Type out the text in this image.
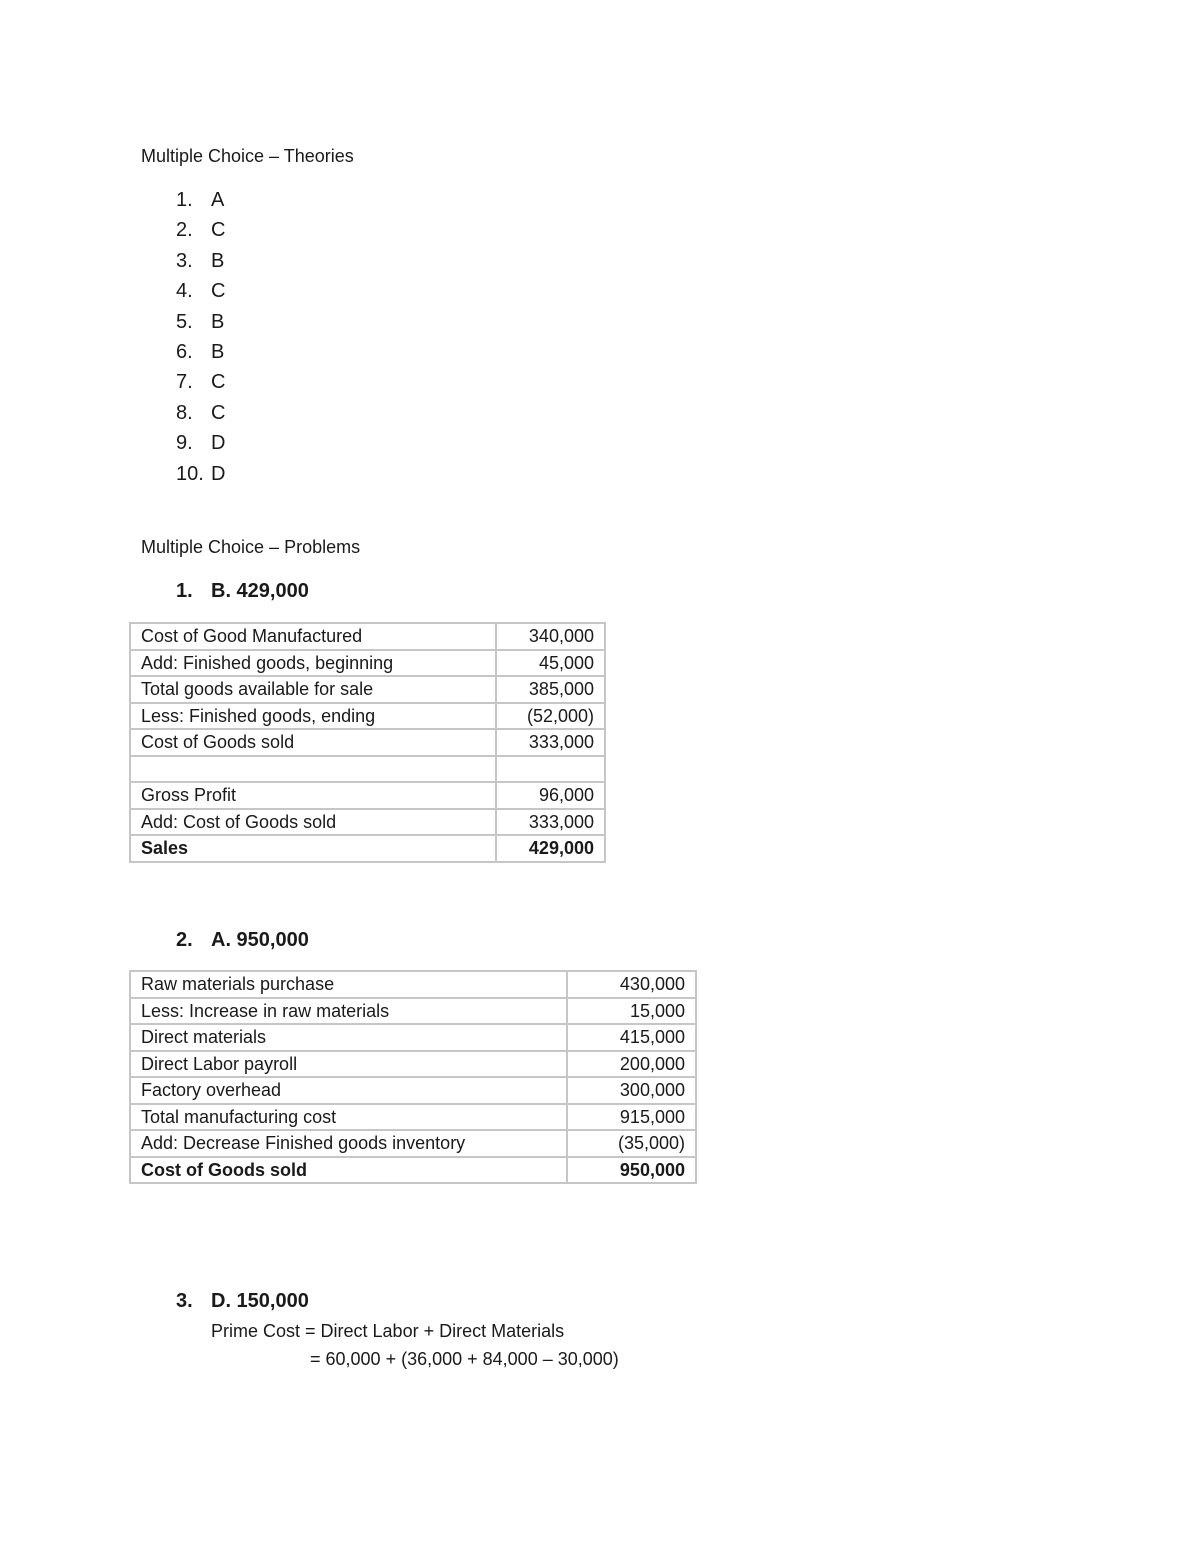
Multiple Choice – Theories
1. A
2. C
3. B
4. C
5. B
6. B
7. C
8. C
9. D
10. D
Multiple Choice – Problems
1. B. 429,000
Cost of Good Manufactured	340,000
Add: Finished goods, beginning	45,000
Total goods available for sale	385,000
Less: Finished goods, ending	(52,000)
Cost of Goods sold	333,000

Gross Profit	96,000
Add: Cost of Goods sold	333,000
Sales	429,000
2. A. 950,000
Raw materials purchase	430,000
Less: Increase in raw materials	15,000
Direct materials	415,000
Direct Labor payroll	200,000
Factory overhead	300,000
Total manufacturing cost	915,000
Add: Decrease Finished goods inventory	(35,000)
Cost of Goods sold	950,000
3. D. 150,000
Prime Cost = Direct Labor + Direct Materials
= 60,000 + (36,000 + 84,000 – 30,000)
